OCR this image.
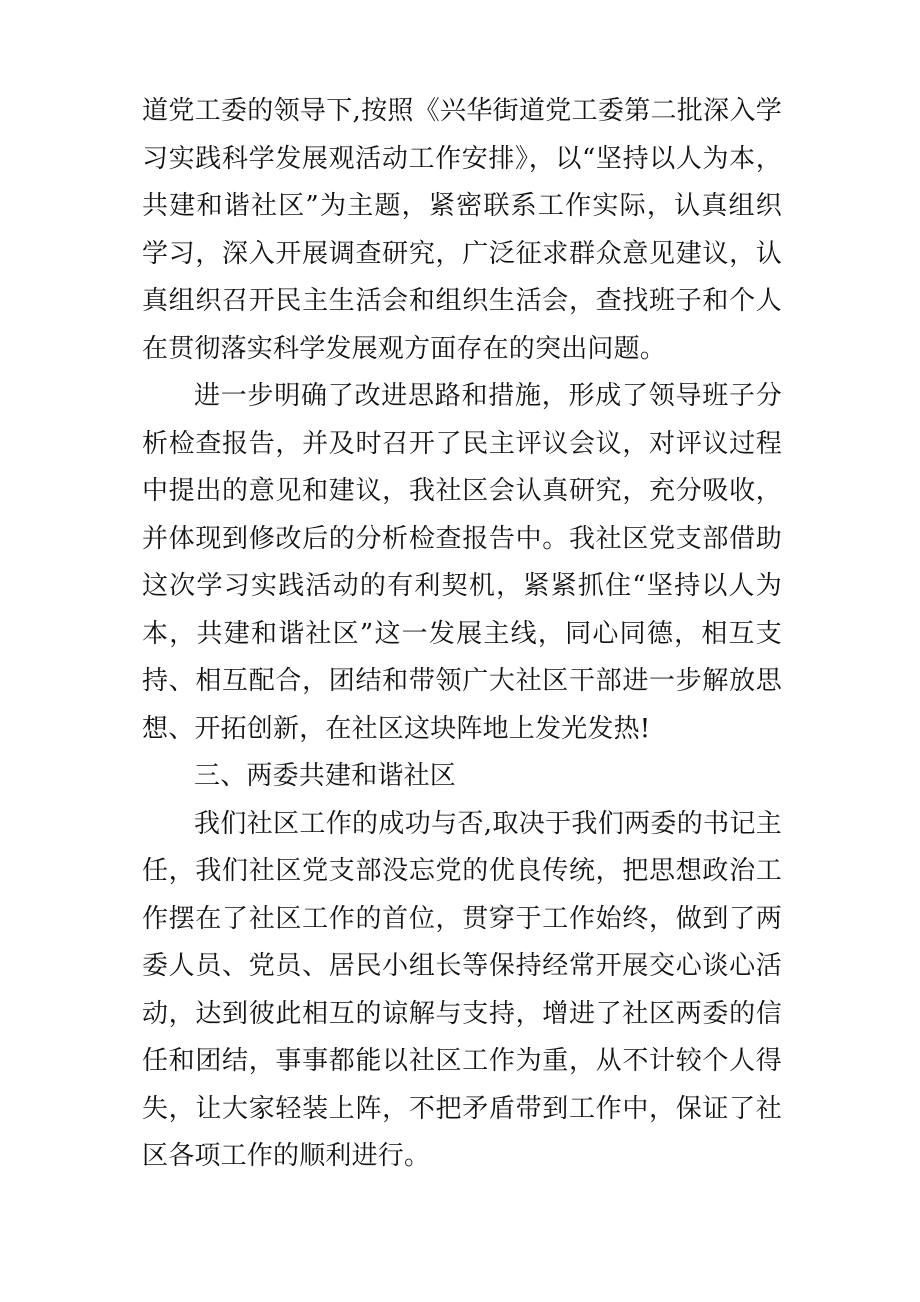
道党工委的领导下,按照《兴华街道党工委第二批深入学习实践科学发展观活动工作安排》，以“坚持以人为本，共建和谐社区”为主题，紧密联系工作实际，认真组织学习，深入开展调查研究，广泛征求群众意见建议，认真组织召开民主生活会和组织生活会，查找班子和个人在贯彻落实科学发展观方面存在的突出问题。

进一步明确了改进思路和措施，形成了领导班子分析检查报告，并及时召开了民主评议会议，对评议过程中提出的意见和建议，我社区会认真研究，充分吸收，并体现到修改后的分析检查报告中。我社区党支部借助这次学习实践活动的有利契机，紧紧抓住“坚持以人为本，共建和谐社区”这一发展主线，同心同德，相互支持、相互配合，团结和带领广大社区干部进一步解放思想、开拓创新，在社区这块阵地上发光发热!

三、两委共建和谐社区

我们社区工作的成功与否,取决于我们两委的书记主任，我们社区党支部没忘党的优良传统，把思想政治工作摆在了社区工作的首位，贯穿于工作始终，做到了两委人员、党员、居民小组长等保持经常开展交心谈心活动，达到彼此相互的谅解与支持，增进了社区两委的信任和团结，事事都能以社区工作为重，从不计较个人得失，让大家轻装上阵，不把矛盾带到工作中，保证了社区各项工作的顺利进行。
